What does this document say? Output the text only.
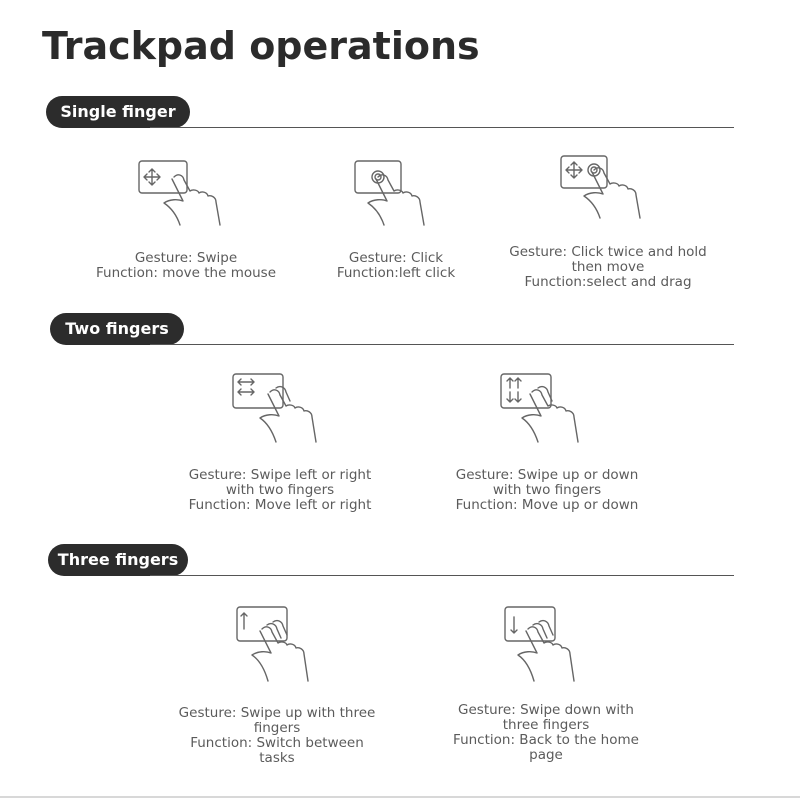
Trackpad operations
Single finger
Gesture: Swipe
Function: move the mouse
Gesture: Click
Function:left click
Gesture: Click twice and hold
then move
Function:select and drag
Two fingers
Gesture: Swipe left or right
with two fingers
Function: Move left or right
Gesture: Swipe up or down
with two fingers
Function: Move up or down
Three fingers
Gesture: Swipe up with three
fingers
Function: Switch between
tasks
Gesture: Swipe down with
three fingers
Function: Back to the home
page
